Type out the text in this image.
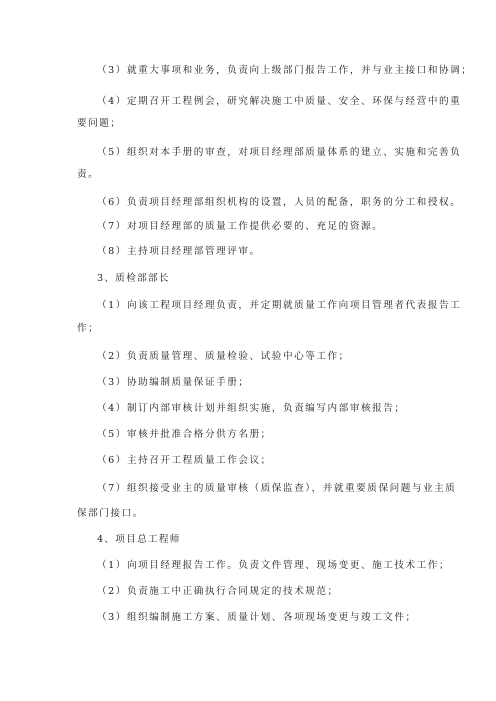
（3）就重大事项和业务，负责向上级部门报告工作，并与业主接口和协调；
（4）定期召开工程例会，研究解决施工中质量、安全、环保与经营中的重
要问题；
（5）组织对本手册的审查，对项目经理部质量体系的建立、实施和完善负
责。
（6）负责项目经理部组织机构的设置，人员的配备，职务的分工和授权。
（7）对项目经理部的质量工作提供必要的、充足的资源。
（8）主持项目经理部管理评审。
3、质检部部长
（1）向该工程项目经理负责，并定期就质量工作向项目管理者代表报告工
作；
（2）负责质量管理、质量检验、试验中心等工作；
（3）协助编制质量保证手册；
（4）制订内部审核计划并组织实施，负责编写内部审核报告；
（5）审核并批准合格分供方名册；
（6）主持召开工程质量工作会议；
（7）组织接受业主的质量审核（质保监查），并就重要质保问题与业主质
保部门接口。
4、项目总工程师
（1）向项目经理报告工作。负责文件管理、现场变更、施工技术工作；
（2）负责施工中正确执行合同规定的技术规范；
（3）组织编制施工方案、质量计划、各项现场变更与竣工文件；
